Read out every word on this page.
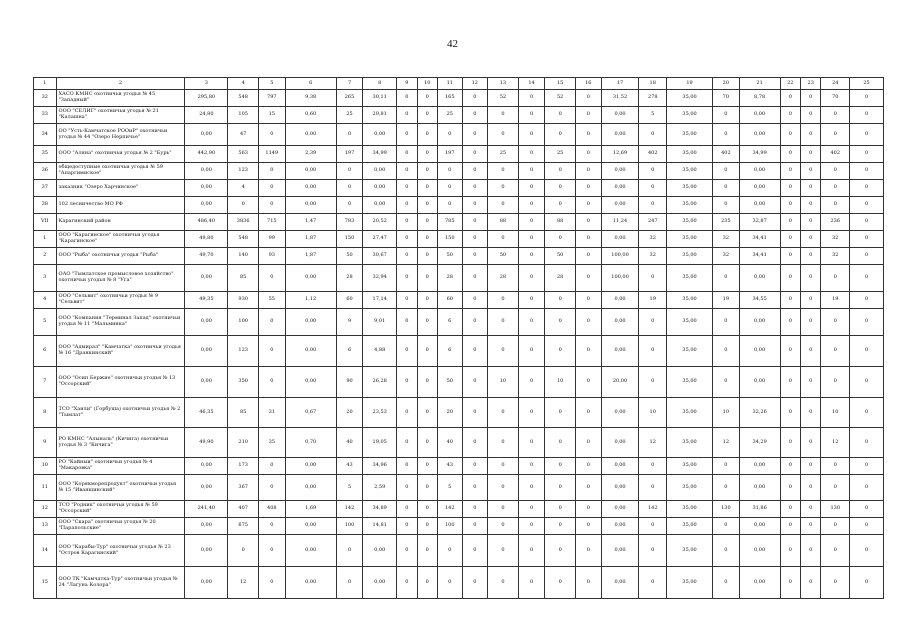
42
1	2	3	4	5	6	7	8	9	10	11	12	13	14	15	16	17	18	19	20	21	22	23	24	25
32	ХАСО КМНС охотничьи угодья № 45 "Западный"	295,80	548	797	9,38	265	30,11	0	0	165	0	52	0	52	0	31,52	278	35,00	70	8,78	0	0	70	0
33	ООО "СЕЛИГ" охотничьи угодья № 21 "Калашна"	24,80	105	15	0,60	25	29,81	0	0	25	0	0	0	0	0	0,00	5	35,00	0	0,00	0	0	0	0
34	ОО "Усть-Камчатское РООиР" охотничьи угодья № 44 "Озеро Нерпичье"	0,00	47	0	0,00	0	0,00	0	0	0	0	0	0	0	0	0,00	0	35,00	0	0,00	0	0	0	0
35	ООО "Аляна" охотничьи угодья № 2 "Бурь"	442,90	563	1149	2,39	197	34,99	0	0	197	0	25	0	25	0	12,69	402	35,00	402	34,99	0	0	402	0
36	общедоступные охотничьи угодья № 59 "Апаргимиское"	0,00	123	0	0,00	0	0,00	0	0	0	0	0	0	0	0	0,00	0	35,00	0	0,00	0	0	0	0
37	заказник "Озеро Харчинское"	0,00	4	0	0,00	0	0,00	0	0	0	0	0	0	0	0	0,00	0	35,00	0	0,00	0	0	0	0
38	102 лесничество МО РФ	0,00	0	0	0,00	0	0,00	0	0	0	0	0	0	0	0	0,00	0	35,00	0	0,00	0	0	0	0
VII	Карагинский район	486,40	3836	715	1,47	783	20,52	0	0	785	0	88	0	88	0	11,24	247	35,00	235	32,87	0	0	236	0
1	ООО "Карагинское" охотничьи угодья "Карагинское"	49,80	548	99	1,87	150	27,47	0	0	150	0	0	0	0	0	0,00	32	35,00	32	34,41	0	0	32	0
2	ООО "Рыба" охотничьи угодья "Рыба"	49,70	140	93	1,87	50	30,67	0	0	50	0	50	0	50	0	100,00	32	35,00	32	34,41	0	0	32	0
3	ОАО "Тымлатское промысловое хозяйство" охотничьи угодья № 8 "Уга"	0,00	85	0	0,00	28	32,94	0	0	28	0	28	0	28	0	100,00	0	35,00	0	0,00	0	0	0	0
4	ООО "Сельвит" охотничьи угодья № 9 "Сельвит"	49,35	930	55	1,12	60	17,14	0	0	60	0	0	0	0	0	0,00	19	35,00	19	34,55	0	0	19	0
5	ООО "Компания "Терминал Запад" охотничьи угодья № 11 "Мальминка"	0,00	100	0	0,00	9	9,01	0	0	6	0	0	0	0	0	0,00	0	35,00	0	0,00	0	0	0	0
6	ООО "Адмирал" "Камчатка" охотничьи угодья № 16 "Дранкинский"	0,00	123	0	0,00	6	4,88	0	0	6	0	0	0	0	0	0,00	0	35,00	0	0,00	0	0	0	0
7	ООО "Осип Бержие" охотничьи угодья № 13 "Оссорский"	0,00	350	0	0,00	90	26,28	0	0	50	0	10	0	10	0	20,00	0	35,00	0	0,00	0	0	0	0
8	ТСО "Хаили" (Горбуша) охотничьи угодья № 2 "Тымлат"	46,35	85	31	0,67	20	23,53	0	0	20	0	0	0	0	0	0,00	10	35,00	10	32,26	0	0	10	0
9	РО КМНС "Алыналь" (Кичига) охотничьи угодья № 3 "Кичига"	49,90	210	35	0,70	40	19,05	0	0	40	0	0	0	0	0	0,00	12	35,00	12	34,29	0	0	12	0
10	РО "Кайныи" охотничьи угодья № 4 "Макаровка"	0,00	173	0	0,00	43	34,96	0	0	43	0	0	0	0	0	0,00	0	35,00	0	0,00	0	0	0	0
11	ООО "Корякморепродукт" охотничьи угодья № 15 "Иваншинский"	0,00	367	0	0,00	5	2,59	0	0	5	0	0	0	0	0	0,00	0	35,00	0	0,00	0	0	0	0
12	ТСО "Родник" охотничьи угодья № 59 "Оссорский"	241,40	407	408	1,69	142	34,89	0	0	142	0	0	0	0	0	0,00	142	35,00	130	31,86	0	0	130	0
13	ООО "Скара" охотничьи угодья № 20 "Парапольские"	0,00	675	0	0,00	100	14,81	0	0	100	0	0	0	0	0	0,00	0	35,00	0	0,00	0	0	0	0
14	ООО "Карабы-Тур" охотничьи угодья № 23 "Остров Карагинский"	0,00	0	0	0,00	0	0,00	0	0	0	0	0	0	0	0	0,00	0	35,00	0	0,00	0	0	0	0
15	ООО ТК "Камчатка-Тур" охотничьи угодья № 24 "Лагуна Колора"	0,00	12	0	0,00	0	0,00	0	0	0	0	0	0	0	0	0,00	0	35,00	0	0,00	0	0	0	0
